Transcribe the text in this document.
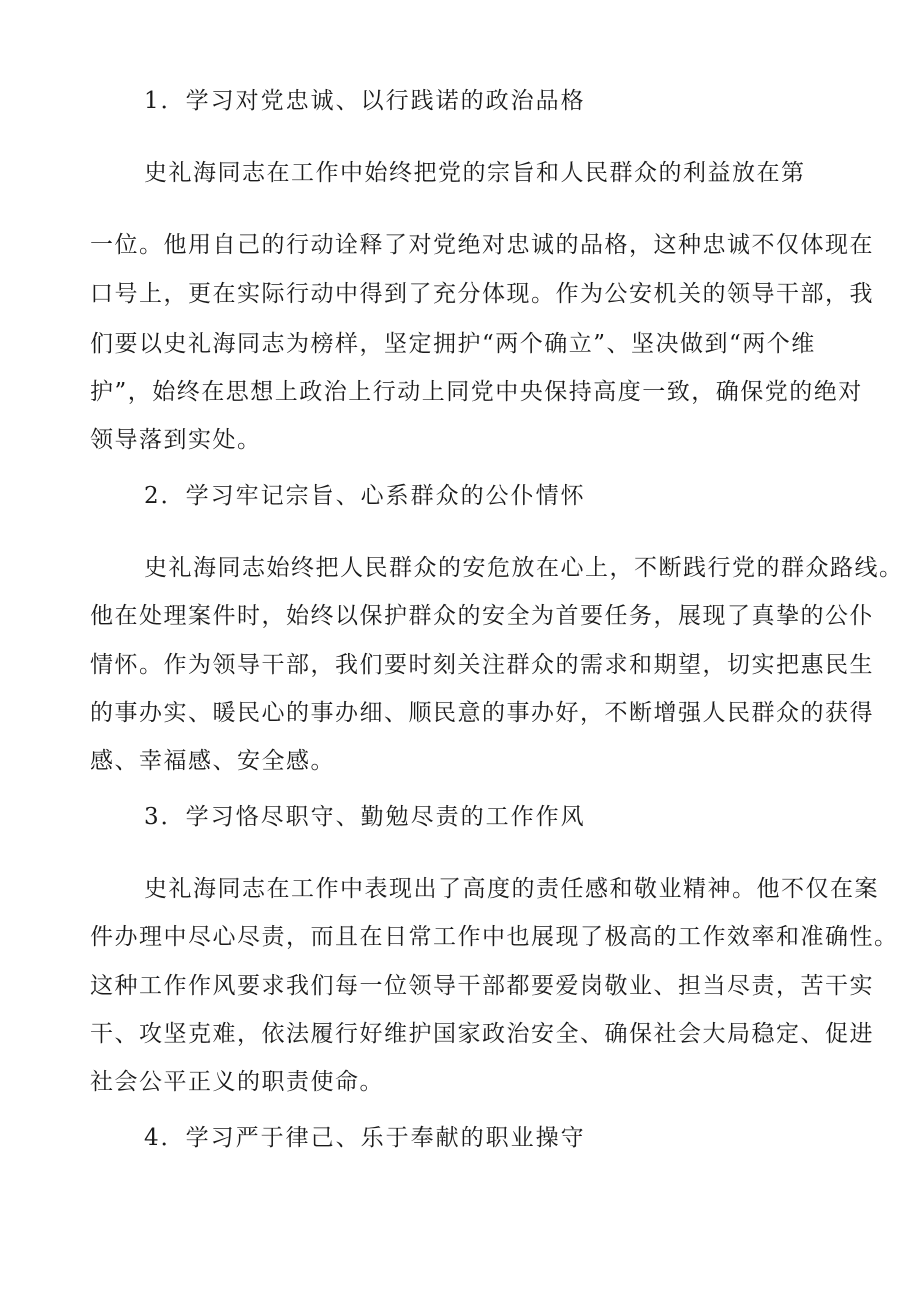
1．学习对党忠诚、以行践诺的政治品格
史礼海同志在工作中始终把党的宗旨和人民群众的利益放在第
一位。他用自己的行动诠释了对党绝对忠诚的品格，这种忠诚不仅体现在
口号上，更在实际行动中得到了充分体现。作为公安机关的领导干部，我
们要以史礼海同志为榜样，坚定拥护“两个确立”、坚决做到“两个维
护”，始终在思想上政治上行动上同党中央保持高度一致，确保党的绝对
领导落到实处。
2．学习牢记宗旨、心系群众的公仆情怀
史礼海同志始终把人民群众的安危放在心上，不断践行党的群众路线。
他在处理案件时，始终以保护群众的安全为首要任务，展现了真挚的公仆
情怀。作为领导干部，我们要时刻关注群众的需求和期望，切实把惠民生
的事办实、暖民心的事办细、顺民意的事办好，不断增强人民群众的获得
感、幸福感、安全感。
3．学习恪尽职守、勤勉尽责的工作作风
史礼海同志在工作中表现出了高度的责任感和敬业精神。他不仅在案
件办理中尽心尽责，而且在日常工作中也展现了极高的工作效率和准确性。
这种工作作风要求我们每一位领导干部都要爱岗敬业、担当尽责，苦干实
干、攻坚克难，依法履行好维护国家政治安全、确保社会大局稳定、促进
社会公平正义的职责使命。
4．学习严于律己、乐于奉献的职业操守
